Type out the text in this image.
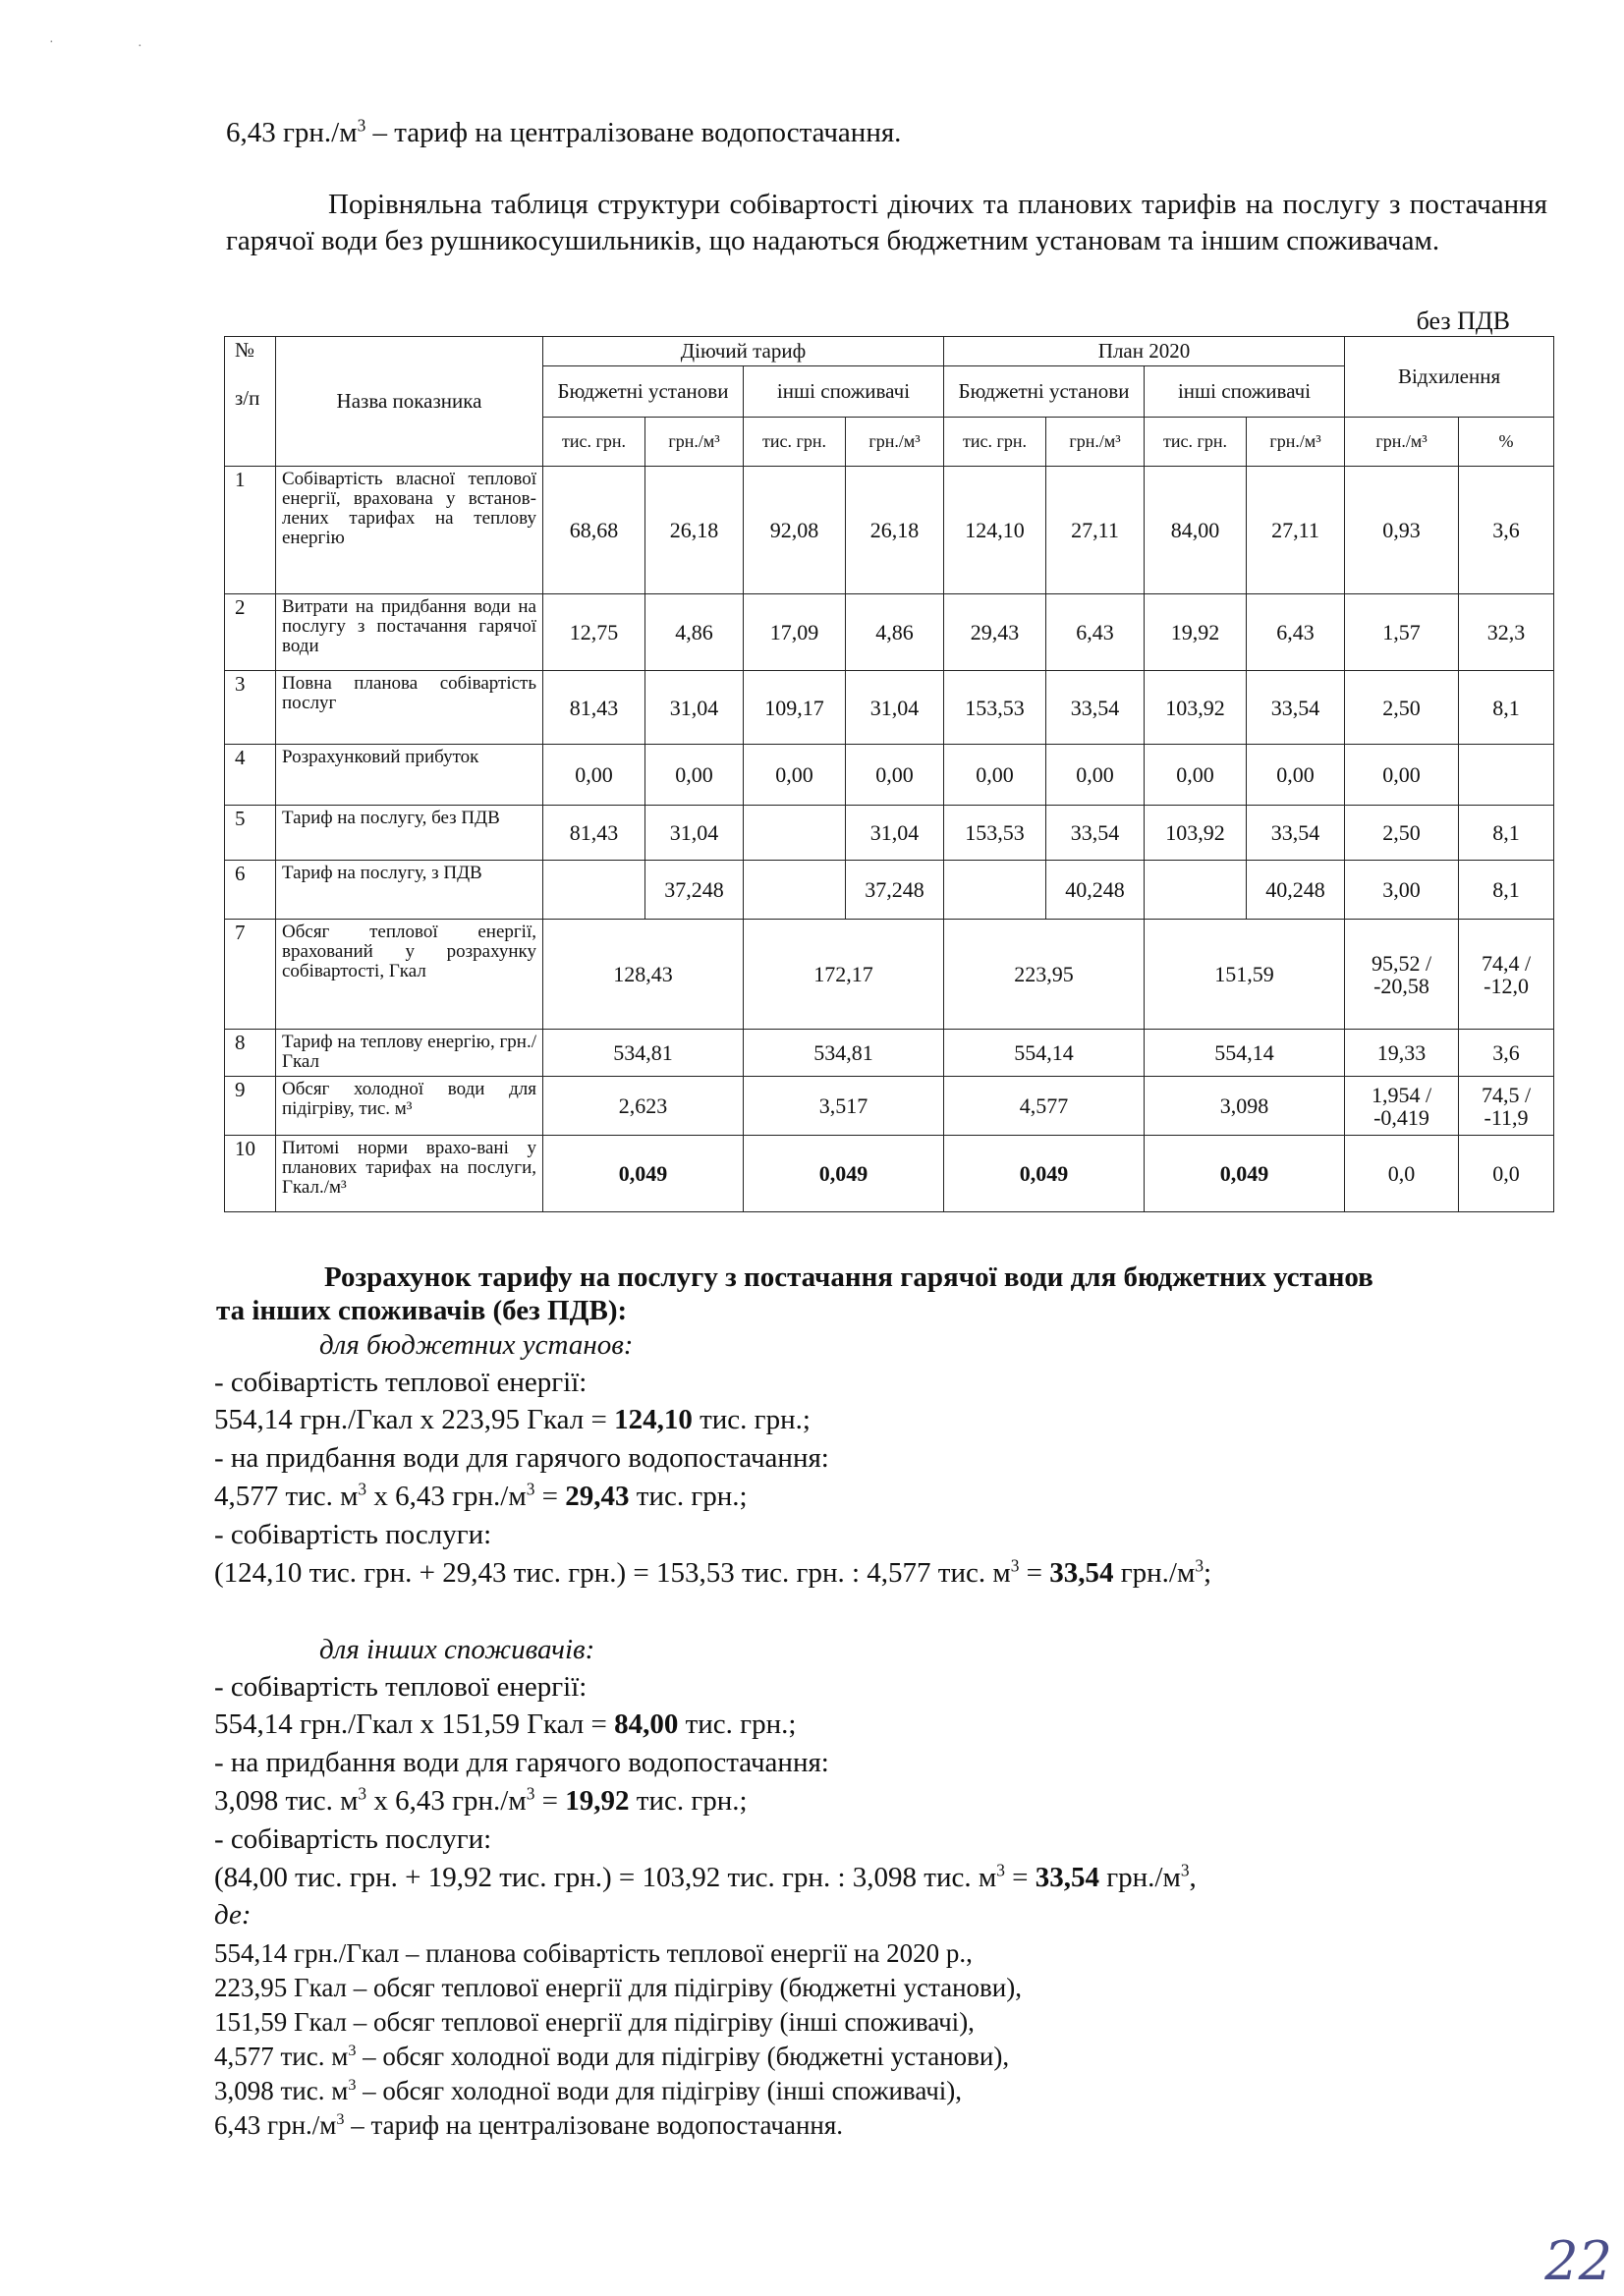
·	·
6,43 $грн./м^3$ – тариф на централізоване водопостачання.
Порівняльна таблиця структури собівартості діючих та планових тарифів на послугу з постачання гарячої води без рушникосушильників, що надаються бюджетним установам та іншим споживачам.
без ПДВ
№
з/п	Назва показника	Діючий тариф				План 2020				Відхилення	
		Бюджетні установи		інші споживачі		Бюджетні установи		інші споживачі			
		тис. грн.	грн./м³	тис. грн.	грн./м³	тис. грн.	грн./м³	тис. грн.	грн./м³	грн./м³	%
1	Собівартість власної теплової енергії, врахована у встанов-лених тарифах на теплову енергію	68,68	26,18	92,08	26,18	124,10	27,11	84,00	27,11	0,93	3,6
2	Витрати на придбання води на послугу з постачання гарячої води	12,75	4,86	17,09	4,86	29,43	6,43	19,92	6,43	1,57	32,3
3	Повна планова собівартість послуг	81,43	31,04	109,17	31,04	153,53	33,54	103,92	33,54	2,50	8,1
4	Розрахунковий прибуток	0,00	0,00	0,00	0,00	0,00	0,00	0,00	0,00	0,00	
5	Тариф на послугу, без ПДВ	81,43	31,04		31,04	153,53	33,54	103,92	33,54	2,50	8,1
6	Тариф на послугу, з ПДВ		37,248		37,248		40,248		40,248	3,00	8,1
7	Обсяг теплової енергії, врахований у розрахунку собівартості, Гкал	128,43		172,17		223,95		151,59		95,52 / -20,58	74,4 / -12,0
8	Тариф на теплову енергію, грн./Гкал	534,81		534,81		554,14		554,14		19,33	3,6
9	Обсяг холодної води для підігріву, тис. м³	2,623		3,517		4,577		3,098		1,954 / -0,419	74,5 / -11,9
10	Питомі норми врахо-вані у планових тарифах на послуги, Гкал./м³	0,049		0,049		0,049		0,049		0,0	0,0
Розрахунок тарифу на послугу з постачання гарячої води для бюджетних установ
та інших споживачів (без ПДВ):
для бюджетних установ:
- собівартість теплової енергії:
554,14 грн./Гкал х 223,95 Гкал = 124,10 тис. грн.;
- на придбання води для гарячого водопостачання:
4,577 тис. $м^3$ х 6,43 $грн./м^3 = 29,43$ тис. грн.;
- собівартість послуги:
(124,10 тис. грн. + 29,43 тис. грн.) = 153,53 тис. грн. : 4,577 тис. $м^3 = 33,54$ $грн./м^3$;
для інших споживачів:
- собівартість теплової енергії:
554,14 грн./Гкал х 151,59 Гкал = 84,00 тис. грн.;
- на придбання води для гарячого водопостачання:
3,098 тис. $м^3$ х 6,43 $грн./м^3 = 19,92$ тис. грн.;
- собівартість послуги:
(84,00 тис. грн. + 19,92 тис. грн.) = 103,92 тис. грн. : 3,098 тис. $м^3 = 33,54$ $грн./м^3$,
де:
554,14 грн./Гкал – планова собівартість теплової енергії на 2020 р.,
223,95 Гкал – обсяг теплової енергії для підігріву (бюджетні установи),
151,59 Гкал – обсяг теплової енергії для підігріву (інші споживачі),
4,577 тис. $м^3$ – обсяг холодної води для підігріву (бюджетні установи),
3,098 тис. $м^3$ – обсяг холодної води для підігріву (інші споживачі),
6,43 $грн./м^3$ – тариф на централізоване водопостачання.
22
